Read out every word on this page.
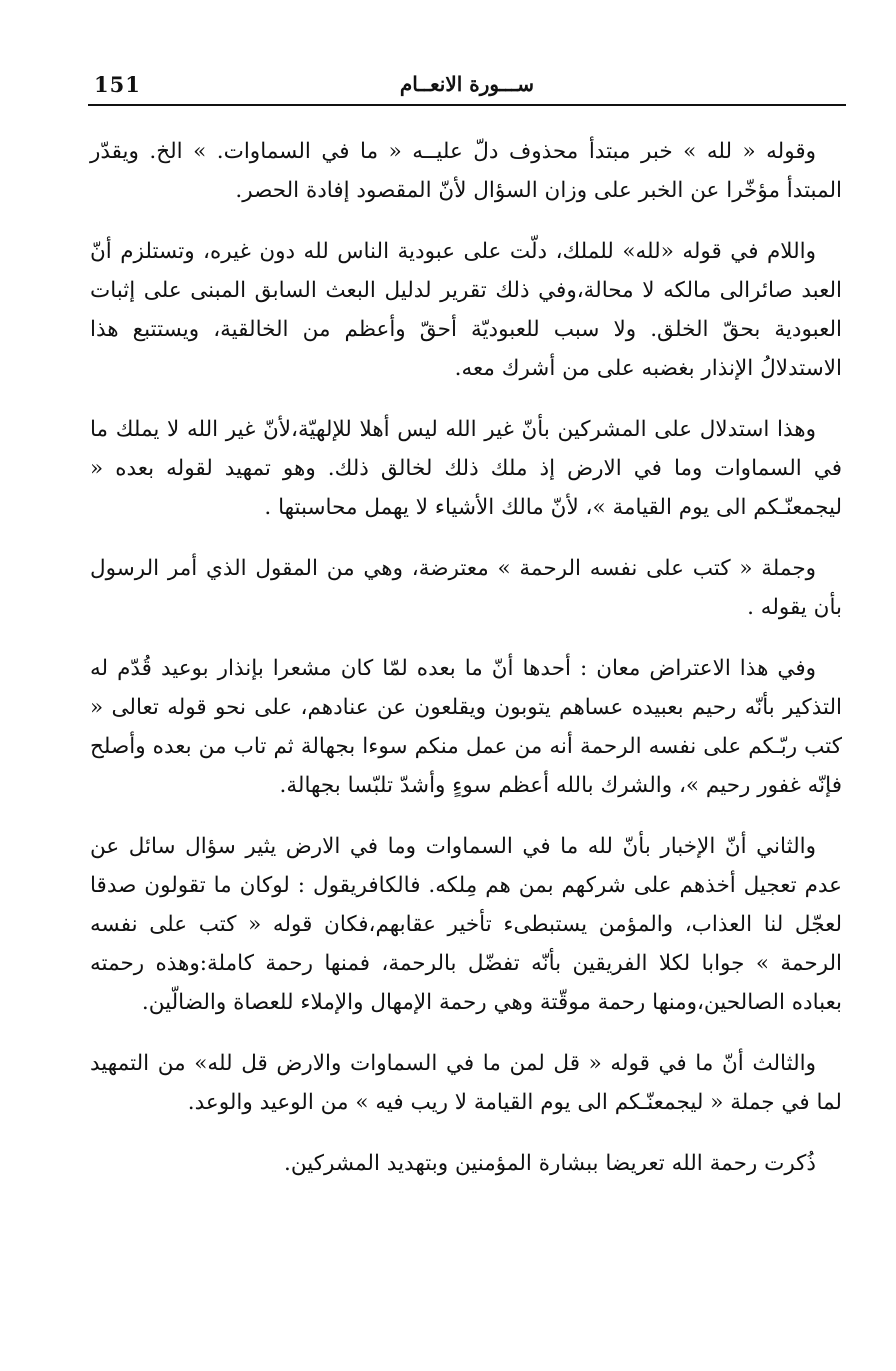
151	ســـورة الانعــام

وقوله « لله » خبر مبتدأ محذوف دلّ عليــه « ما في السماوات. » الخ. ويقدّر المبتدأ مؤخّرا عن الخبر على وزان السؤال لأنّ المقصود إفادة الحصر.

واللام في قوله «لله» للملك، دلّت على عبودية الناس لله دون غيره، وتستلزم أنّ العبد صائرالى مالكه لا محالة،وفي ذلك تقرير لدليل البعث السابق المبنى على إثبات العبودية بحقّ الخلق. ولا سبب للعبوديّة أحقّ وأعظم من الخالقية، ويستتبع هذا الاستدلالُ الإنذار بغضبه على من أشرك معه.

وهذا استدلال على المشركين بأنّ غير الله ليس أهلا للإلهيّة،لأنّ غير الله لا يملك ما في السماوات وما في الارض إذ ملك ذلك لخالق ذلك. وهو تمهيد لقوله بعده « ليجمعنّـكم الى يوم القيامة »، لأنّ مالك الأشياء لا يهمل محاسبتها .

وجملة « كتب على نفسه الرحمة » معترضة، وهي من المقول الذي أمر الرسول بأن يقوله .

وفي هذا الاعتراض معان : أحدها أنّ ما بعده لمّا كان مشعرا بإنذار بوعيد قُدّم له التذكير بأنّه رحيم بعبيده عساهم يتوبون ويقلعون عن عنادهم، على نحو قوله تعالى « كتب ربّـكم على نفسه الرحمة أنه من عمل منكم سوءا بجهالة ثم تاب من بعده وأصلح فإنّه غفور رحيم »، والشرك بالله أعظم سوءٍ وأشدّ تلبّسا بجهالة.

والثاني أنّ الإخبار بأنّ لله ما في السماوات وما في الارض يثير سؤال سائل عن عدم تعجيل أخذهم على شركهم بمن هم مِلكه. فالكافريقول : لوكان ما تقولون صدقا لعجّل لنا العذاب، والمؤمن يستبطىء تأخير عقابهم،فكان قوله « كتب على نفسه الرحمة » جوابا لكلا الفريقين بأنّه تفضّل بالرحمة، فمنها رحمة كاملة:وهذه رحمته بعباده الصالحين،ومنها رحمة موقّتة وهي رحمة الإمهال والإملاء للعصاة والضالّين.

والثالث أنّ ما في قوله « قل لمن ما في السماوات والارض قل لله» من التمهيد لما في جملة « ليجمعنّـكم الى يوم القيامة لا ريب فيه » من الوعيد والوعد.

ذُكرت رحمة الله تعريضا ببشارة المؤمنين وبتهديد المشركين.
